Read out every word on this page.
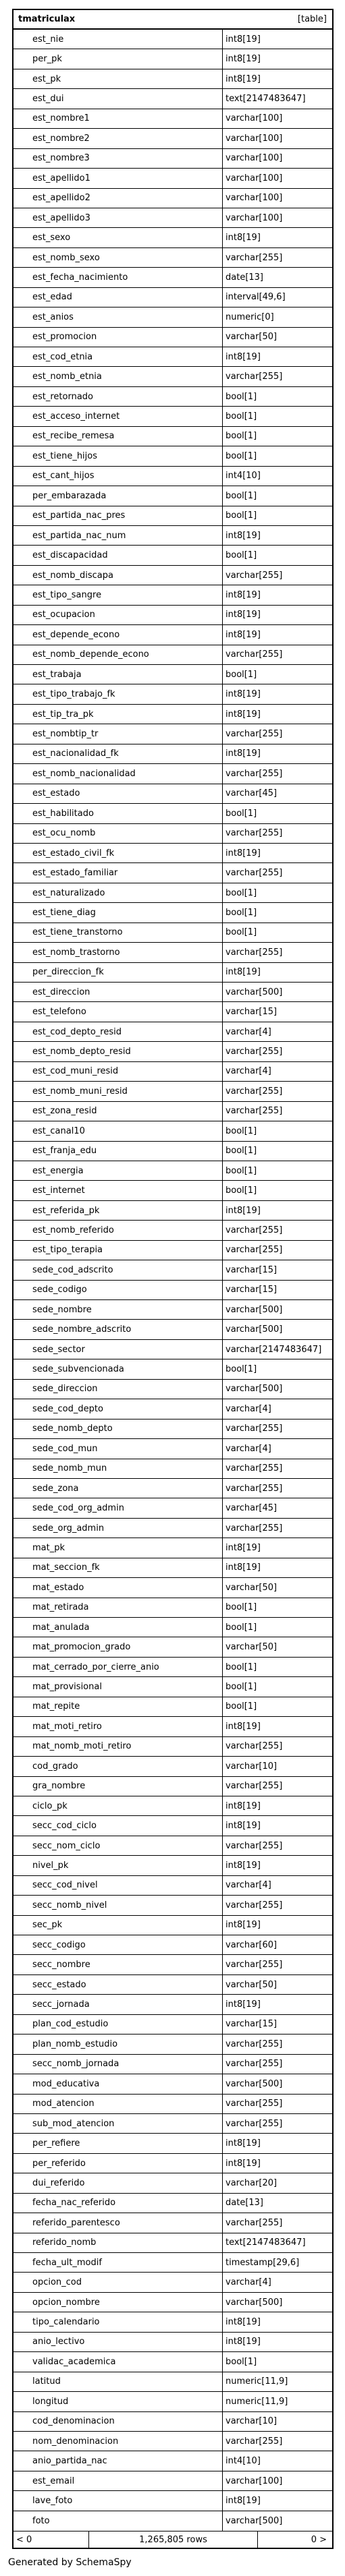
tmatriculax	[table]
est_nie	int8[19]
per_pk	int8[19]
est_pk	int8[19]
est_dui	text[2147483647]
est_nombre1	varchar[100]
est_nombre2	varchar[100]
est_nombre3	varchar[100]
est_apellido1	varchar[100]
est_apellido2	varchar[100]
est_apellido3	varchar[100]
est_sexo	int8[19]
est_nomb_sexo	varchar[255]
est_fecha_nacimiento	date[13]
est_edad	interval[49,6]
est_anios	numeric[0]
est_promocion	varchar[50]
est_cod_etnia	int8[19]
est_nomb_etnia	varchar[255]
est_retornado	bool[1]
est_acceso_internet	bool[1]
est_recibe_remesa	bool[1]
est_tiene_hijos	bool[1]
est_cant_hijos	int4[10]
per_embarazada	bool[1]
est_partida_nac_pres	bool[1]
est_partida_nac_num	int8[19]
est_discapacidad	bool[1]
est_nomb_discapa	varchar[255]
est_tipo_sangre	int8[19]
est_ocupacion	int8[19]
est_depende_econo	int8[19]
est_nomb_depende_econo	varchar[255]
est_trabaja	bool[1]
est_tipo_trabajo_fk	int8[19]
est_tip_tra_pk	int8[19]
est_nombtip_tr	varchar[255]
est_nacionalidad_fk	int8[19]
est_nomb_nacionalidad	varchar[255]
est_estado	varchar[45]
est_habilitado	bool[1]
est_ocu_nomb	varchar[255]
est_estado_civil_fk	int8[19]
est_estado_familiar	varchar[255]
est_naturalizado	bool[1]
est_tiene_diag	bool[1]
est_tiene_transtorno	bool[1]
est_nomb_trastorno	varchar[255]
per_direccion_fk	int8[19]
est_direccion	varchar[500]
est_telefono	varchar[15]
est_cod_depto_resid	varchar[4]
est_nomb_depto_resid	varchar[255]
est_cod_muni_resid	varchar[4]
est_nomb_muni_resid	varchar[255]
est_zona_resid	varchar[255]
est_canal10	bool[1]
est_franja_edu	bool[1]
est_energia	bool[1]
est_internet	bool[1]
est_referida_pk	int8[19]
est_nomb_referido	varchar[255]
est_tipo_terapia	varchar[255]
sede_cod_adscrito	varchar[15]
sede_codigo	varchar[15]
sede_nombre	varchar[500]
sede_nombre_adscrito	varchar[500]
sede_sector	varchar[2147483647]
sede_subvencionada	bool[1]
sede_direccion	varchar[500]
sede_cod_depto	varchar[4]
sede_nomb_depto	varchar[255]
sede_cod_mun	varchar[4]
sede_nomb_mun	varchar[255]
sede_zona	varchar[255]
sede_cod_org_admin	varchar[45]
sede_org_admin	varchar[255]
mat_pk	int8[19]
mat_seccion_fk	int8[19]
mat_estado	varchar[50]
mat_retirada	bool[1]
mat_anulada	bool[1]
mat_promocion_grado	varchar[50]
mat_cerrado_por_cierre_anio	bool[1]
mat_provisional	bool[1]
mat_repite	bool[1]
mat_moti_retiro	int8[19]
mat_nomb_moti_retiro	varchar[255]
cod_grado	varchar[10]
gra_nombre	varchar[255]
ciclo_pk	int8[19]
secc_cod_ciclo	int8[19]
secc_nom_ciclo	varchar[255]
nivel_pk	int8[19]
secc_cod_nivel	varchar[4]
secc_nomb_nivel	varchar[255]
sec_pk	int8[19]
secc_codigo	varchar[60]
secc_nombre	varchar[255]
secc_estado	varchar[50]
secc_jornada	int8[19]
plan_cod_estudio	varchar[15]
plan_nomb_estudio	varchar[255]
secc_nomb_jornada	varchar[255]
mod_educativa	varchar[500]
mod_atencion	varchar[255]
sub_mod_atencion	varchar[255]
per_refiere	int8[19]
per_referido	int8[19]
dui_referido	varchar[20]
fecha_nac_referido	date[13]
referido_parentesco	varchar[255]
referido_nomb	text[2147483647]
fecha_ult_modif	timestamp[29,6]
opcion_cod	varchar[4]
opcion_nombre	varchar[500]
tipo_calendario	int8[19]
anio_lectivo	int8[19]
validac_academica	bool[1]
latitud	numeric[11,9]
longitud	numeric[11,9]
cod_denominacion	varchar[10]
nom_denominacion	varchar[255]
anio_partida_nac	int4[10]
est_email	varchar[100]
lave_foto	int8[19]
foto	varchar[500]
< 0	1,265,805 rows	0 >
Generated by SchemaSpy
